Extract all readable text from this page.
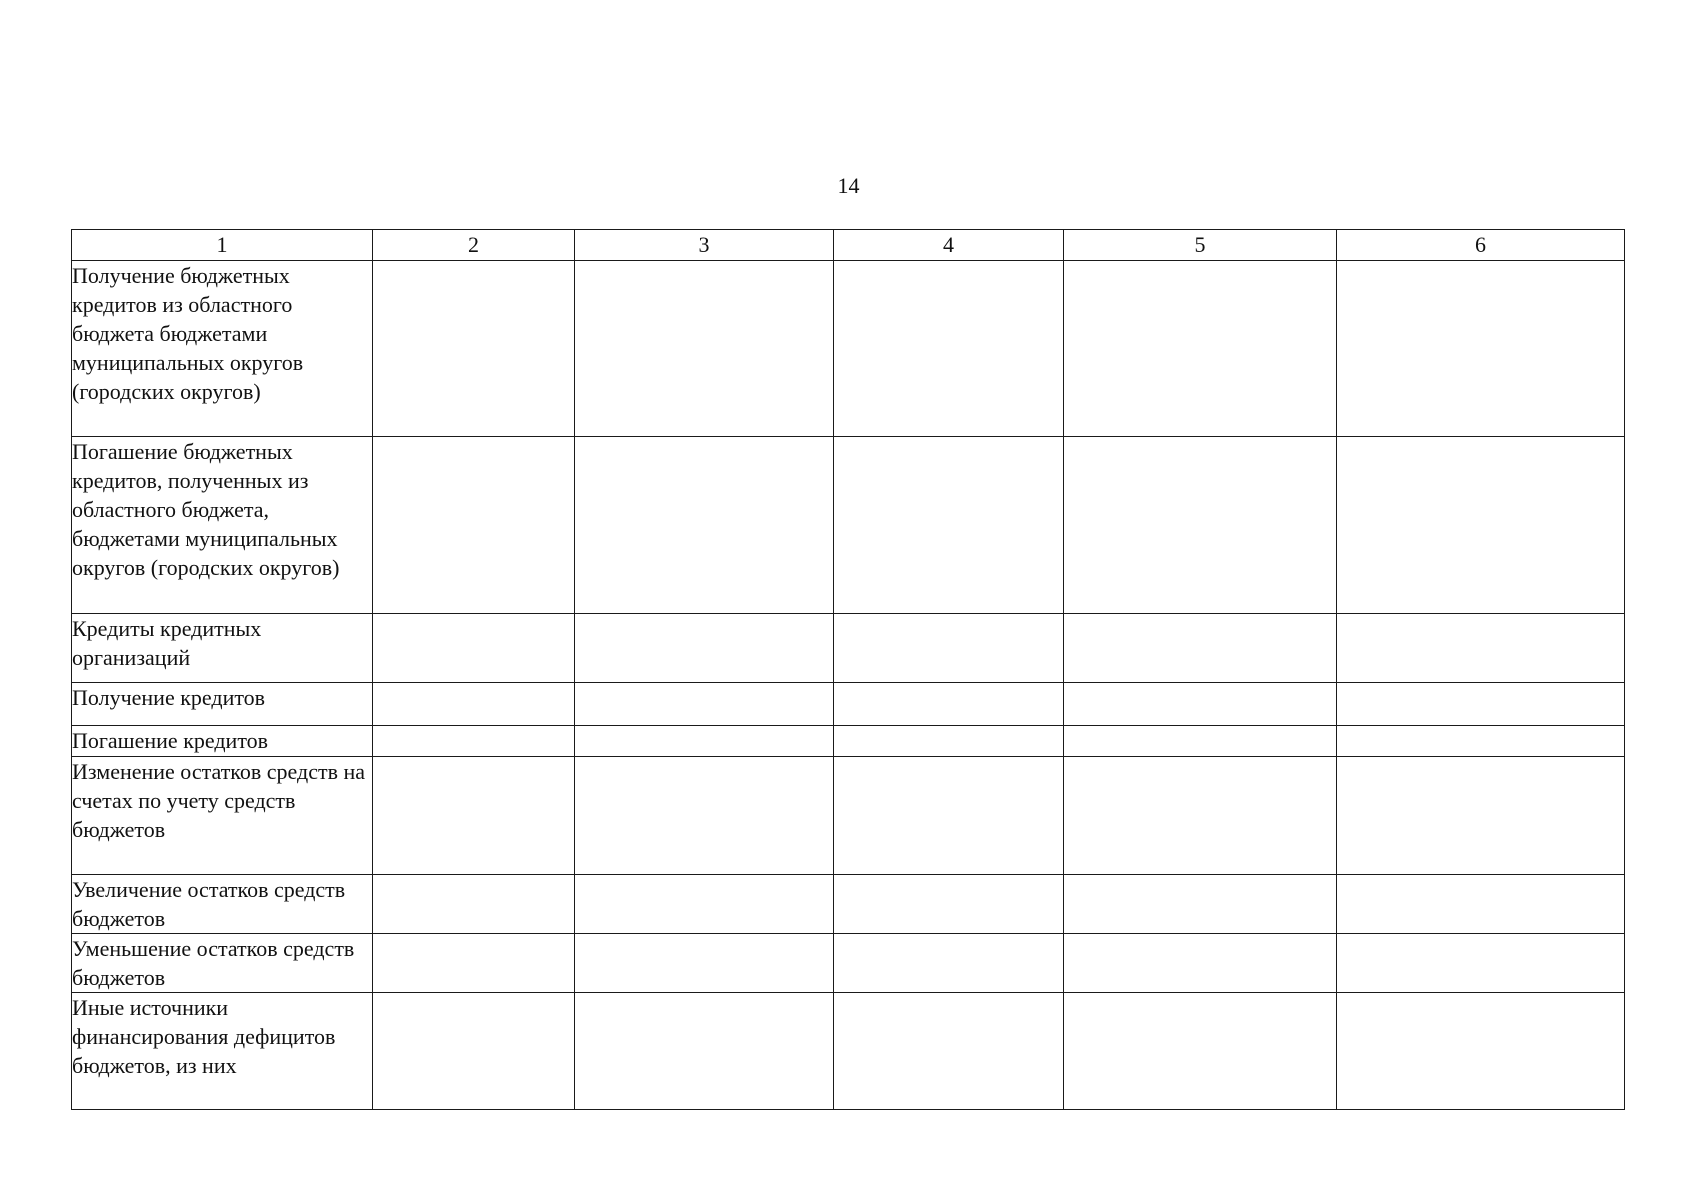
14
1	2	3	4	5	6
Получение бюджетных кредитов из областного бюджета бюджетами муниципальных округов (городских округов)					
Погашение бюджетных кредитов, полученных из областного бюджета, бюджетами муниципальных округов (городских округов)					
Кредиты кредитных организаций					
Получение кредитов					
Погашение кредитов					
Изменение остатков средств на счетах по учету средств бюджетов					
Увеличение остатков средств бюджетов					
Уменьшение остатков средств бюджетов					
Иные источники финансирования дефицитов бюджетов, из них					
